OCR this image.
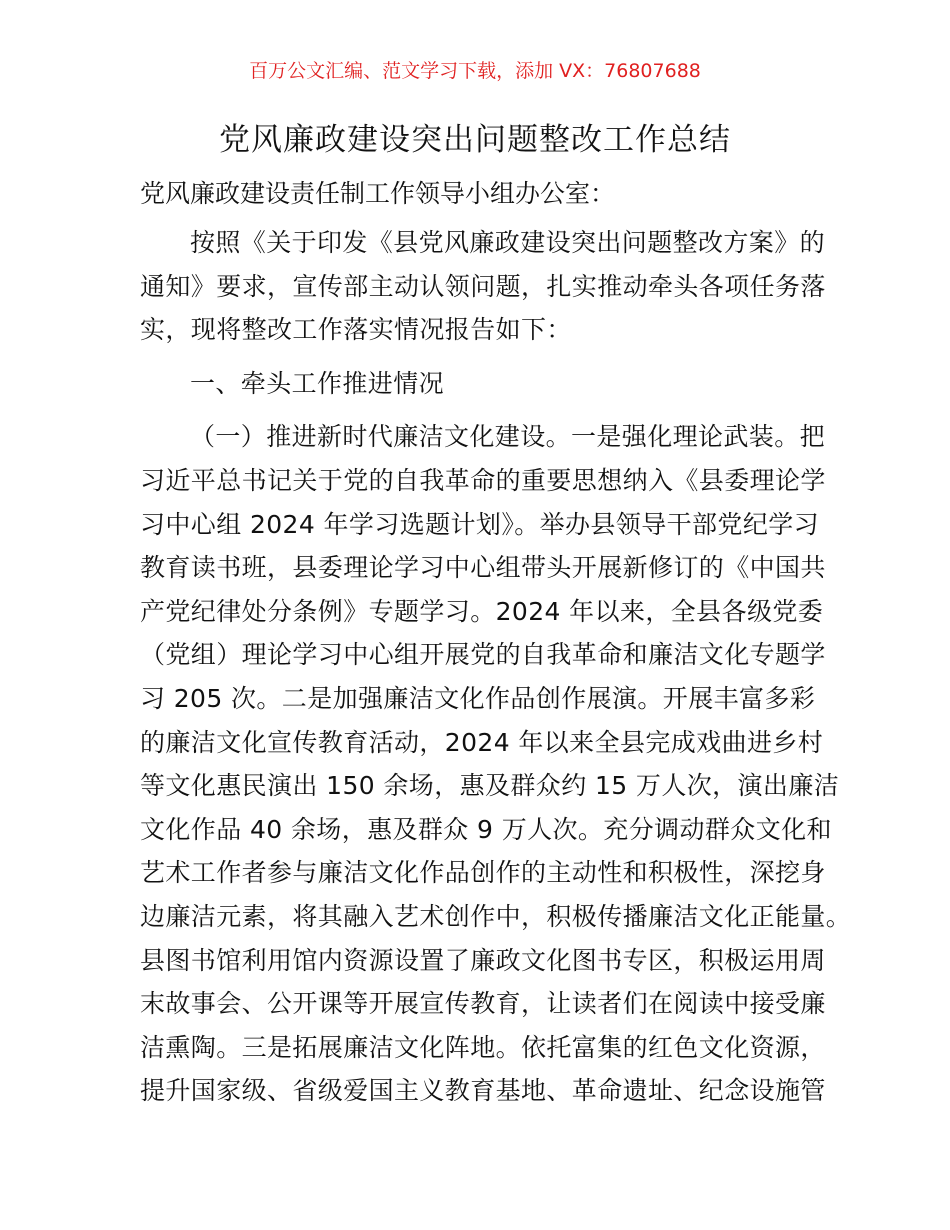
百万公文汇编、范文学习下载，添加 VX：76807688
党风廉政建设突出问题整改工作总结
党风廉政建设责任制工作领导小组办公室：
按照《关于印发《县党风廉政建设突出问题整改方案》的
通知》要求，宣传部主动认领问题，扎实推动牵头各项任务落
实，现将整改工作落实情况报告如下：
一、牵头工作推进情况
（一）推进新时代廉洁文化建设。一是强化理论武装。把
习近平总书记关于党的自我革命的重要思想纳入《县委理论学
习中心组 2024 年学习选题计划》。举办县领导干部党纪学习
教育读书班，县委理论学习中心组带头开展新修订的《中国共
产党纪律处分条例》专题学习。2024 年以来，全县各级党委
（党组）理论学习中心组开展党的自我革命和廉洁文化专题学
习 205 次。二是加强廉洁文化作品创作展演。开展丰富多彩
的廉洁文化宣传教育活动，2024 年以来全县完成戏曲进乡村
等文化惠民演出 150 余场，惠及群众约 15 万人次，演出廉洁
文化作品 40 余场，惠及群众 9 万人次。充分调动群众文化和
艺术工作者参与廉洁文化作品创作的主动性和积极性，深挖身
边廉洁元素，将其融入艺术创作中，积极传播廉洁文化正能量。
县图书馆利用馆内资源设置了廉政文化图书专区，积极运用周
末故事会、公开课等开展宣传教育，让读者们在阅读中接受廉
洁熏陶。三是拓展廉洁文化阵地。依托富集的红色文化资源，
提升国家级、省级爱国主义教育基地、革命遗址、纪念设施管
